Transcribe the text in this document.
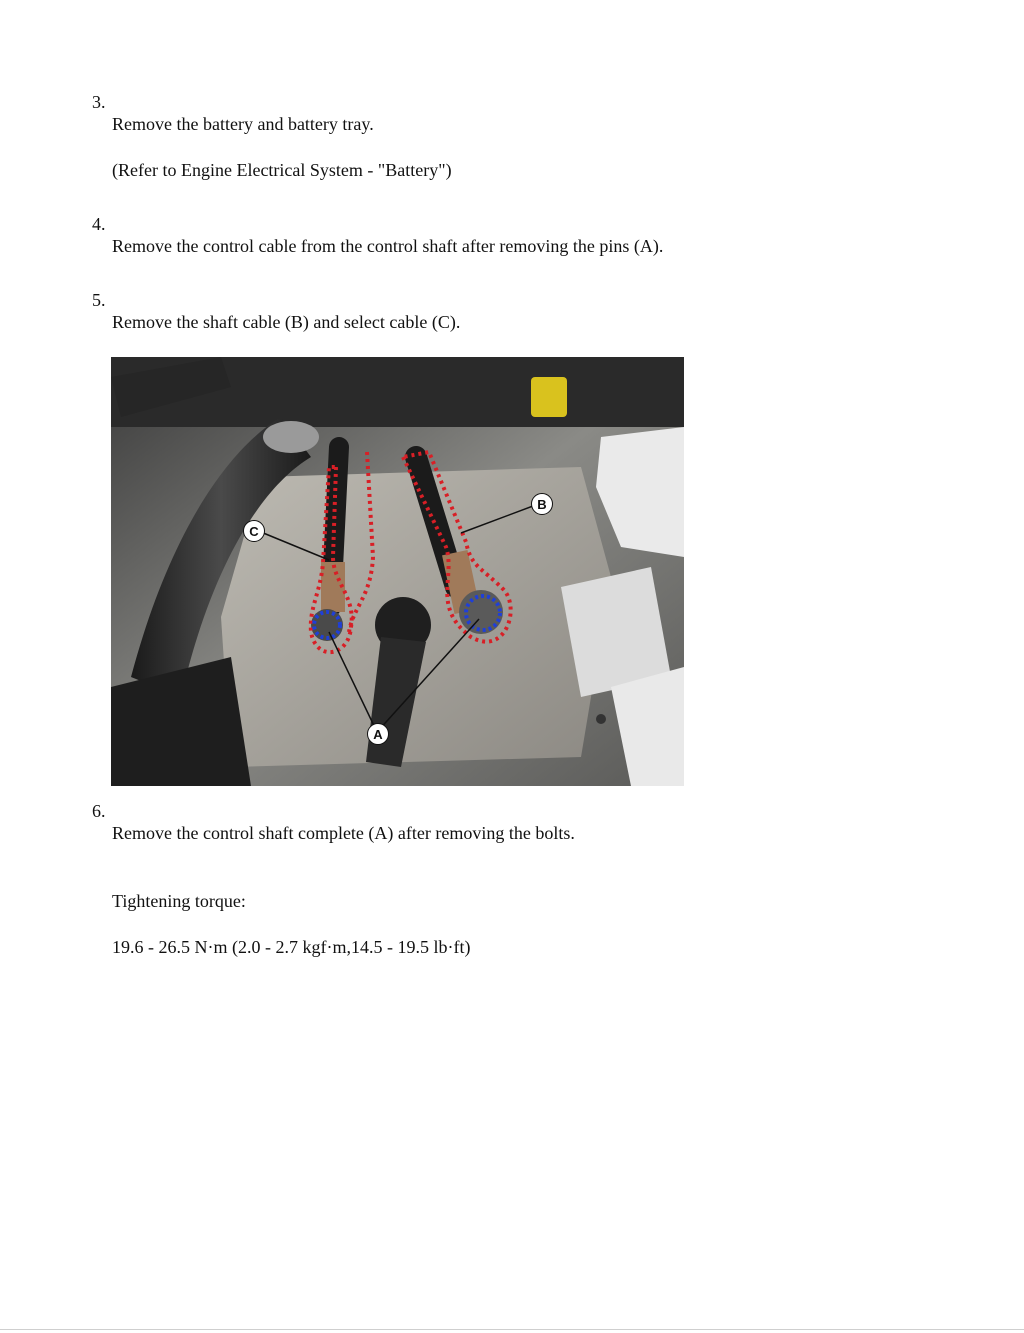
3.
Remove the battery and battery tray.
(Refer to Engine Electrical System - "Battery")
4.
Remove the control cable from the control shaft after removing the pins (A).
5.
Remove the shaft cable (B) and select cable (C).
C
B
A
6.
Remove the control shaft complete (A) after removing the bolts.
Tightening torque:
19.6 - 26.5 N·m (2.0 - 2.7 kgf·m,14.5 - 19.5 lb·ft)
